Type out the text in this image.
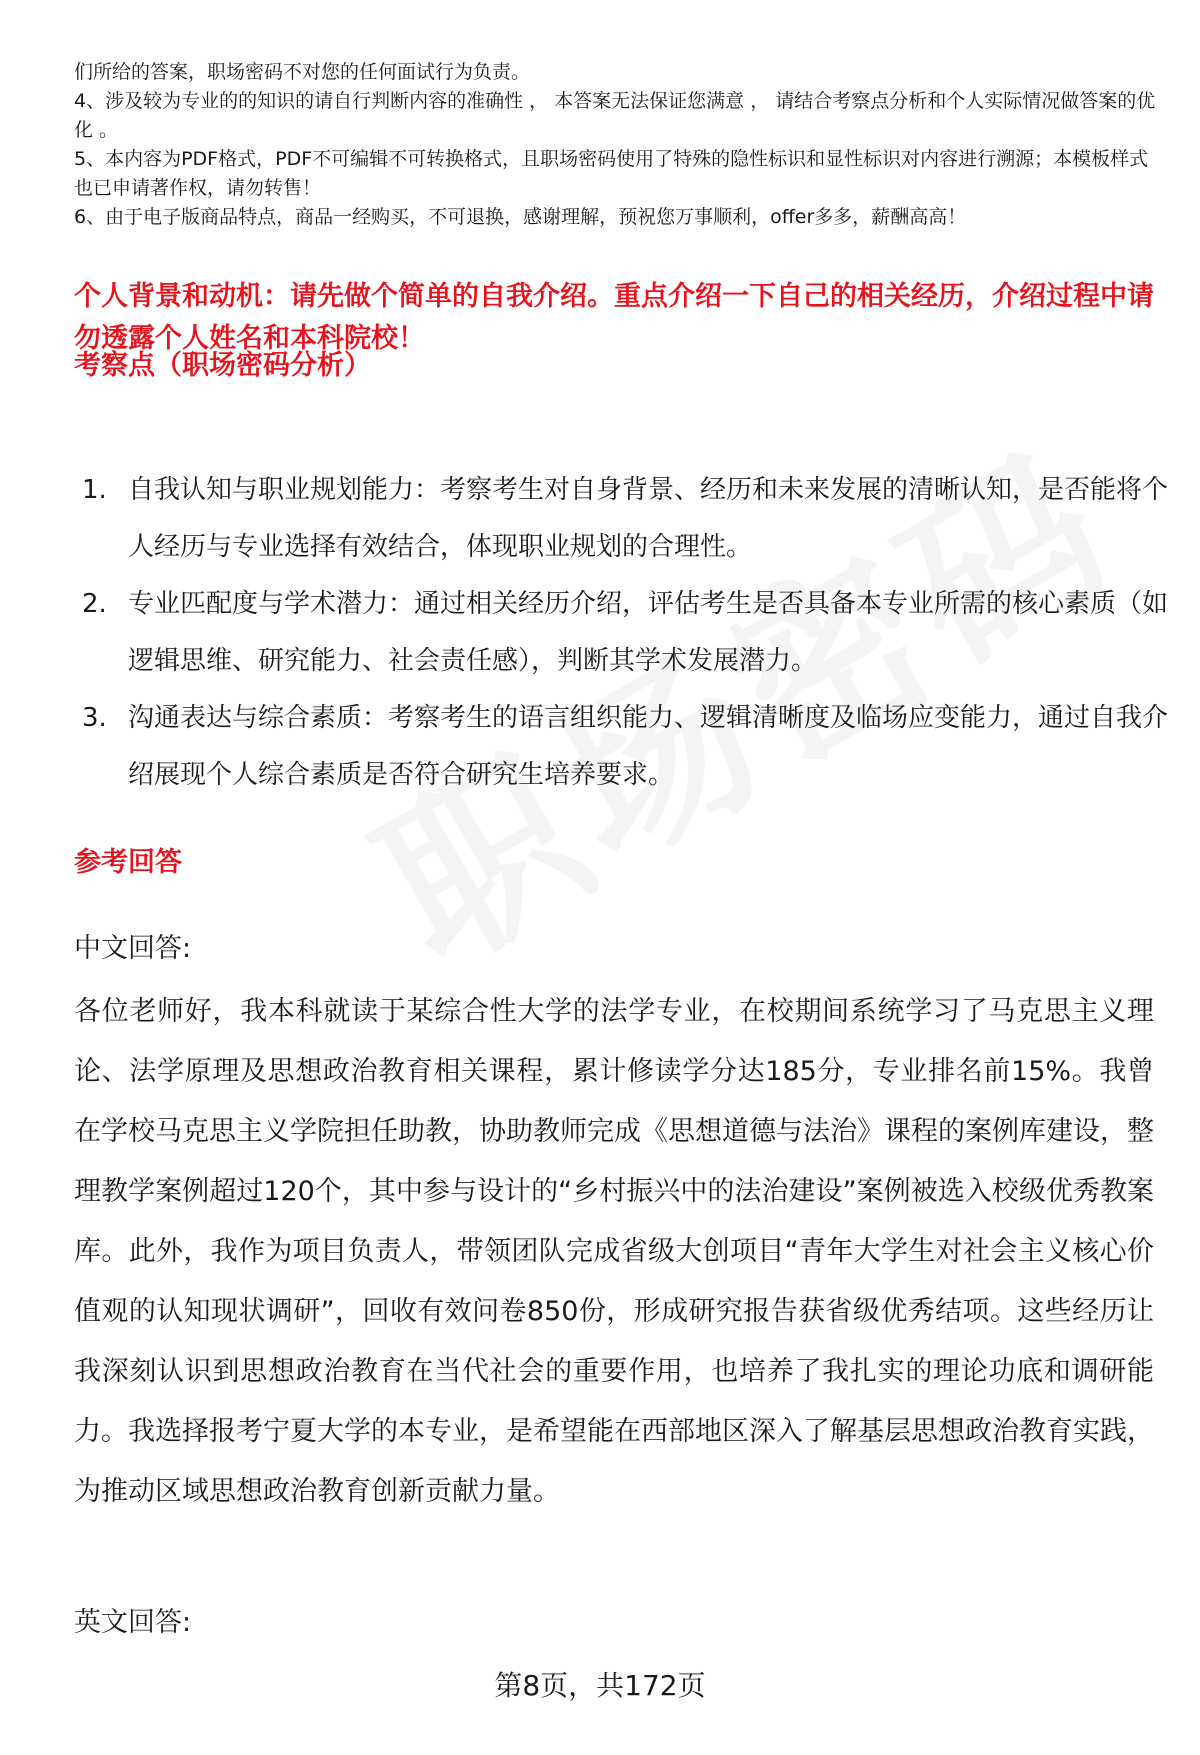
们所给的答案，职场密码不对您的任何面试行为负责。

4、涉及较为专业的的知识的请自行判断内容的准确性 ， 本答案无法保证您满意 ， 请结合考察点分析和个人实际情况做答案的优化 。

5、本内容为PDF格式，PDF不可编辑不可转换格式，且职场密码使用了特殊的隐性标识和显性标识对内容进行溯源；本模板样式也已申请著作权，请勿转售！

6、由于电子版商品特点，商品一经购买，不可退换，感谢理解，预祝您万事顺利，offer多多，薪酬高高！

个人背景和动机：请先做个简单的自我介绍。重点介绍一下自己的相关经历，介绍过程中请勿透露个人姓名和本科院校！

考察点（职场密码分析）

1. 自我认知与职业规划能力：考察考生对自身背景、经历和未来发展的清晰认知，是否能将个人经历与专业选择有效结合，体现职业规划的合理性。
2. 专业匹配度与学术潜力：通过相关经历介绍，评估考生是否具备本专业所需的核心素质（如逻辑思维、研究能力、社会责任感），判断其学术发展潜力。
3. 沟通表达与综合素质：考察考生的语言组织能力、逻辑清晰度及临场应变能力，通过自我介绍展现个人综合素质是否符合研究生培养要求。

参考回答

中文回答:

各位老师好，我本科就读于某综合性大学的法学专业，在校期间系统学习了马克思主义理论、法学原理及思想政治教育相关课程，累计修读学分达185分，专业排名前15%。我曾在学校马克思主义学院担任助教，协助教师完成《思想道德与法治》课程的案例库建设，整理教学案例超过120个，其中参与设计的“乡村振兴中的法治建设”案例被选入校级优秀教案库。此外，我作为项目负责人，带领团队完成省级大创项目“青年大学生对社会主义核心价值观的认知现状调研”，回收有效问卷850份，形成研究报告获省级优秀结项。这些经历让我深刻认识到思想政治教育在当代社会的重要作用，也培养了我扎实的理论功底和调研能力。我选择报考宁夏大学的本专业，是希望能在西部地区深入了解基层思想政治教育实践，为推动区域思想政治教育创新贡献力量。

英文回答:

第8页，共172页
